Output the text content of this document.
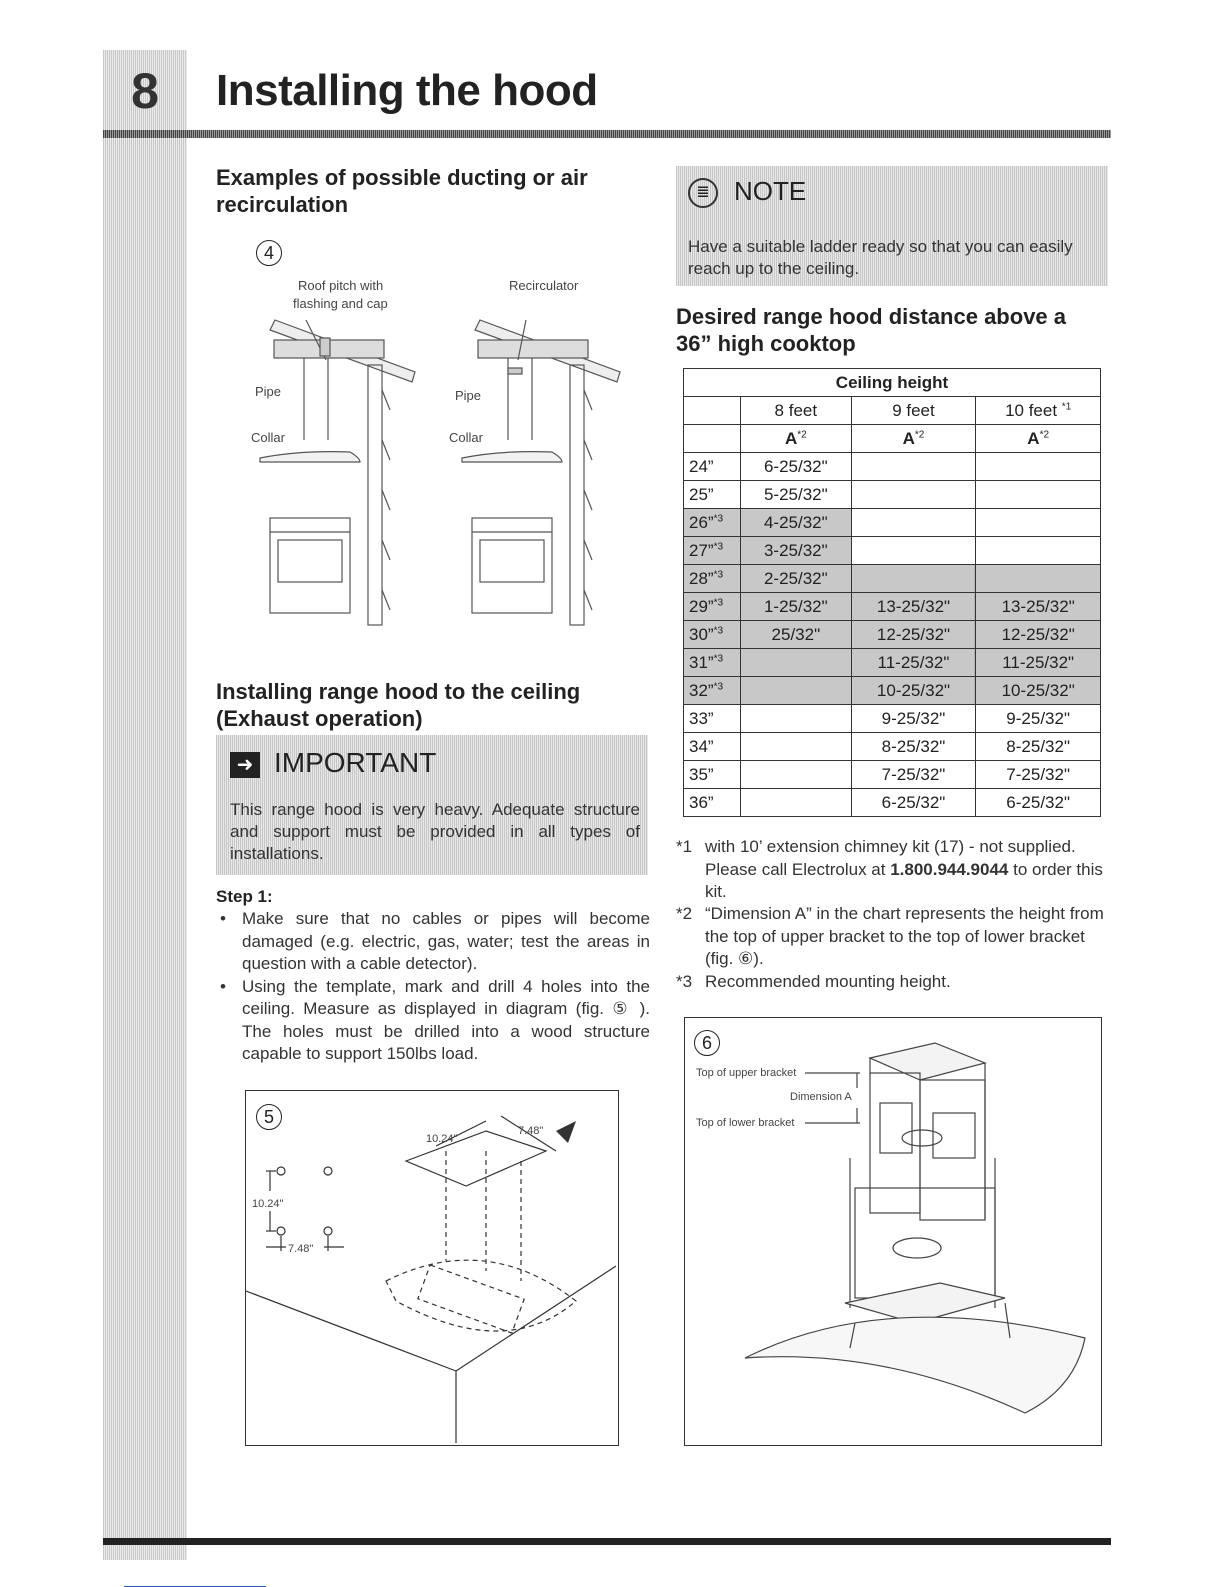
8	Installing the hood
Examples of possible ducting or air recirculation
4
Roof pitch with
flashing and cap
Recirculator
Pipe
Collar
Pipe
Collar
Installing range hood to the ceiling (Exhaust operation)
➜ IMPORTANT
This range hood is very heavy. Adequate structure and support must be provided in all types of installations.
Step 1:
• Make sure that no cables or pipes will become damaged (e.g. electric, gas, water; test the areas in question with a cable detector).
• Using the template, mark and drill 4 holes into the ceiling. Measure as displayed in diagram (fig. ⑤ ). The holes must be drilled into a wood structure capable to support 150lbs load.
5
10.24"
7.48"
10.24"
7.48"
≣ NOTE
Have a suitable ladder ready so that you can easily reach up to the ceiling.
Desired range hood distance above a 36” high cooktop
Ceiling height			
	8 feet	9 feet	10 feet $^{*1}$
	$A^{*2}$	$A^{*2}$	$A^{*2}$
24”	6-25/32"		
25”	5-25/32"		
26”$^{*3}$	4-25/32"		
27”$^{*3}$	3-25/32"		
28”$^{*3}$	2-25/32"		
29”$^{*3}$	1-25/32"	13-25/32"	13-25/32"
30”$^{*3}$	25/32"	12-25/32"	12-25/32"
31”$^{*3}$		11-25/32"	11-25/32"
32”$^{*3}$		10-25/32"	10-25/32"
33”		9-25/32"	9-25/32"
34”		8-25/32"	8-25/32"
35”		7-25/32"	7-25/32"
36”		6-25/32"	6-25/32"
*1 with 10’ extension chimney kit (17) - not supplied. Please call Electrolux at 1.800.944.9044 to order this kit.
*2 “Dimension A” in the chart represents the height from the top of upper bracket to the top of lower bracket (fig. ⑥).
*3 Recommended mounting height.
6
Top of upper bracket
Dimension A
Top of lower bracket
